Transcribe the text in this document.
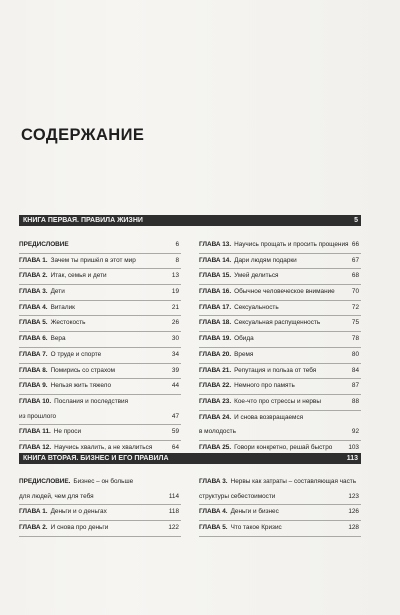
СОДЕРЖАНИЕ
КНИГА ПЕРВАЯ. ПРАВИЛА ЖИЗНИ	5
ПРЕДИСЛОВИЕ	6
ГЛАВА 1. Зачем ты пришёл в этот мир	8
ГЛАВА 2. Итак, семья и дети	13
ГЛАВА 3. Дети	19
ГЛАВА 4. Виталик	21
ГЛАВА 5. Жестокость	26
ГЛАВА 6. Вера	30
ГЛАВА 7. О труде и спорте	34
ГЛАВА 8. Помирись со страхом	39
ГЛАВА 9. Нельзя жить тяжело	44
ГЛАВА 10. Послания и последствия
из прошлого	47
ГЛАВА 11. Не проси	59
ГЛАВА 12. Научись хвалить, а не хвалиться	64
ГЛАВА 13. Научись прощать и просить прощения 66
ГЛАВА 14. Дари людям подарки	67
ГЛАВА 15. Умей делиться	68
ГЛАВА 16. Обычное человеческое внимание	70
ГЛАВА 17. Сексуальность	72
ГЛАВА 18. Сексуальная распущенность	75
ГЛАВА 19. Обида	78
ГЛАВА 20. Время	80
ГЛАВА 21. Репутация и польза от тебя	84
ГЛАВА 22. Немного про память	87
ГЛАВА 23. Кое-что про стрессы и нервы	88
ГЛАВА 24. И снова возвращаемся
в молодость	92
ГЛАВА 25. Говори конкретно, решай быстро	103
КНИГА ВТОРАЯ. БИЗНЕС И ЕГО ПРАВИЛА	113
ПРЕДИСЛОВИЕ. Бизнес – он больше
для людей, чем для тебя	114
ГЛАВА 1. Деньги и о деньгах	118
ГЛАВА 2. И снова про деньги	122
ГЛАВА 3. Нервы как затраты – составляющая часть
структуры себестоимости	123
ГЛАВА 4. Деньги и бизнес	126
ГЛАВА 5. Что такое Кризис	128
